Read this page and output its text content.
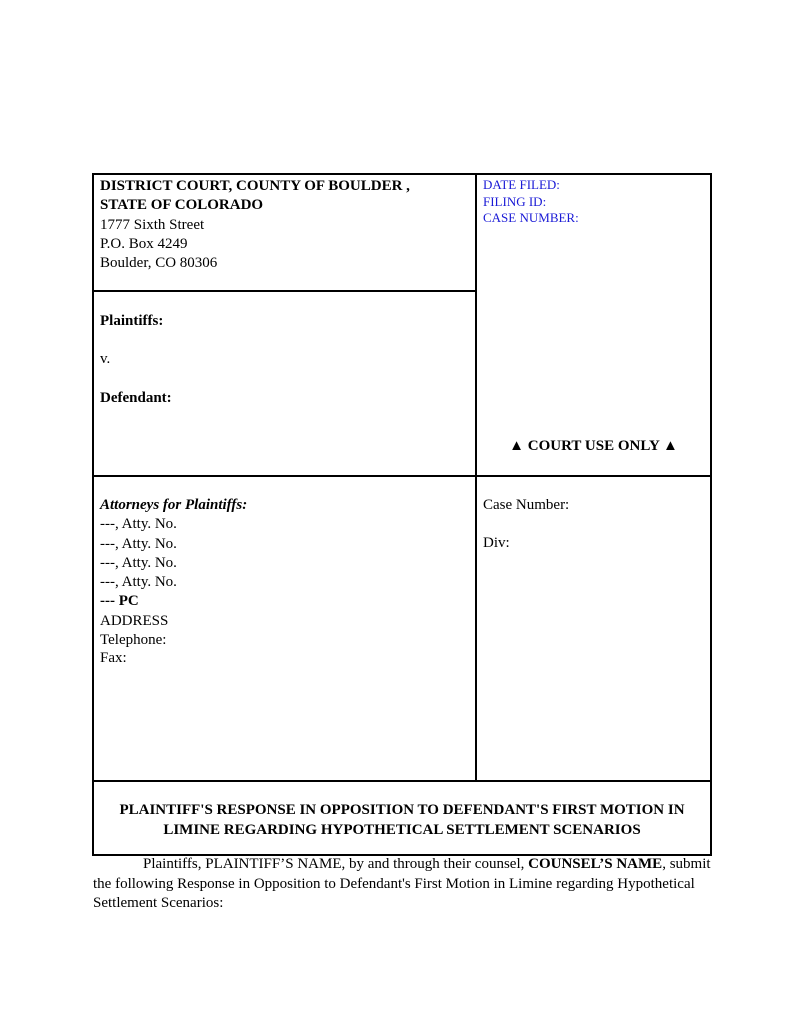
DISTRICT COURT, COUNTY OF BOULDER ,
STATE OF COLORADO
1777 Sixth Street
P.O. Box 4249
Boulder, CO 80306
DATE FILED:
FILING ID:
CASE NUMBER:
Plaintiffs:
v.
Defendant:
▲ COURT USE ONLY ▲
Attorneys for Plaintiffs:
---, Atty. No.
---, Atty. No.
---, Atty. No.
---, Atty. No.
--- PC
ADDRESS
Telephone:
Fax:
Case Number:
Div:
PLAINTIFF'S RESPONSE IN OPPOSITION TO DEFENDANT'S FIRST MOTION IN
LIMINE REGARDING HYPOTHETICAL SETTLEMENT SCENARIOS
Plaintiffs, PLAINTIFF’S NAME, by and through their counsel, COUNSEL’S NAME, submit the following Response in Opposition to Defendant's First Motion in Limine regarding Hypothetical Settlement Scenarios:
